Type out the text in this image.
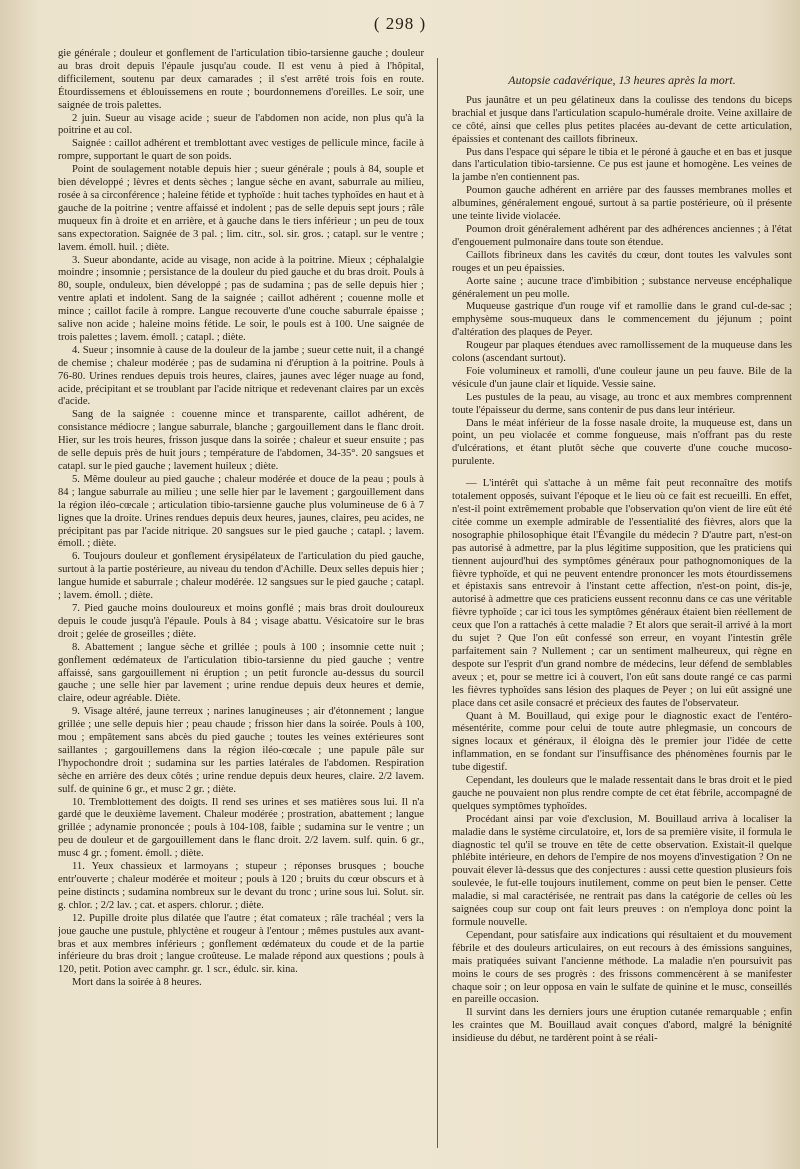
( 298 )

gie générale ; douleur et gonflement de l'articulation tibio-tarsienne gauche ; douleur au bras droit depuis l'épaule jusqu'au coude. Il est venu à pied à l'hôpital, difficilement, soutenu par deux camarades ; il s'est arrêté trois fois en route. Étourdissemens et éblouissemens en route ; bourdonnemens d'oreilles. Le soir, une saignée de trois palettes.

2 juin. Sueur au visage acide ; sueur de l'abdomen non acide, non plus qu'à la poitrine et au col.

Saignée : caillot adhérent et tremblottant avec vestiges de pellicule mince, facile à rompre, supportant le quart de son poids.

Point de soulagement notable depuis hier ; sueur générale ; pouls à 84, souple et bien développé ; lèvres et dents sèches ; langue sèche en avant, saburrale au milieu, rosée à sa circonférence ; haleine fétide et typhoïde : huit taches typhoïdes en haut et à gauche de la poitrine ; ventre affaissé et indolent ; pas de selle depuis sept jours ; râle muqueux fin à droite et en arrière, et à gauche dans le tiers inférieur ; un peu de toux sans expectoration. Saignée de 3 pal. ; lim. citr., sol. sir. gros. ; catapl. sur le ventre ; lavem. émoll. huil. ; diète.

3. Sueur abondante, acide au visage, non acide à la poitrine. Mieux ; céphalalgie moindre ; insomnie ; persistance de la douleur du pied gauche et du bras droit. Pouls à 80, souple, onduleux, bien développé ; pas de sudamina ; pas de selle depuis hier ; ventre aplati et indolent. Sang de la saignée ; caillot adhérent ; couenne molle et mince ; caillot facile à rompre. Langue recouverte d'une couche saburrale épaisse ; salive non acide ; haleine moins fétide. Le soir, le pouls est à 100. Une saignée de trois palettes ; lavem. émoll. ; catapl. ; diète.

4. Sueur ; insomnie à cause de la douleur de la jambe ; sueur cette nuit, il a changé de chemise ; chaleur modérée ; pas de sudamina ni d'éruption à la poitrine. Pouls à 76-80. Urines rendues depuis trois heures, claires, jaunes avec léger nuage au fond, acide, précipitant et se troublant par l'acide nitrique et redevenant claires par un excès d'acide.

Sang de la saignée : couenne mince et transparente, caillot adhérent, de consistance médiocre ; langue saburrale, blanche ; gargouillement dans le flanc droit. Hier, sur les trois heures, frisson jusque dans la soirée ; chaleur et sueur ensuite ; pas de selle depuis près de huit jours ; température de l'abdomen, 34-35°. 20 sangsues et catapl. sur le pied gauche ; lavement huileux ; diète.

5. Même douleur au pied gauche ; chaleur modérée et douce de la peau ; pouls à 84 ; langue saburrale au milieu ; une selle hier par le lavement ; gargouillement dans la région iléo-cœcale ; articulation tibio-tarsienne gauche plus volumineuse de 6 à 7 lignes que la droite. Urines rendues depuis deux heures, jaunes, claires, peu acides, ne précipitant pas par l'acide nitrique. 20 sangsues sur le pied gauche ; catapl. ; lavem. émoll. ; diète.

6. Toujours douleur et gonflement érysipélateux de l'articulation du pied gauche, surtout à la partie postérieure, au niveau du tendon d'Achille. Deux selles depuis hier ; langue humide et saburrale ; chaleur modérée. 12 sangsues sur le pied gauche ; catapl. ; lavem. émoll. ; diète.

7. Pied gauche moins douloureux et moins gonflé ; mais bras droit douloureux depuis le coude jusqu'à l'épaule. Pouls à 84 ; visage abattu. Vésicatoire sur le bras droit ; gelée de groseilles ; diète.

8. Abattement ; langue sèche et grillée ; pouls à 100 ; insomnie cette nuit ; gonflement œdémateux de l'articulation tibio-tarsienne du pied gauche ; ventre affaissé, sans gargouillement ni éruption ; un petit furoncle au-dessus du sourcil gauche ; une selle hier par lavement ; urine rendue depuis deux heures et demie, claire, odeur agréable. Diète.

9. Visage altéré, jaune terreux ; narines lanugineuses ; air d'étonnement ; langue grillée ; une selle depuis hier ; peau chaude ; frisson hier dans la soirée. Pouls à 100, mou ; empâtement sans abcès du pied gauche ; toutes les veines extérieures sont saillantes ; gargouillemens dans la région iléo-cœcale ; une papule pâle sur l'hypochondre droit ; sudamina sur les parties latérales de l'abdomen. Respiration sèche en arrière des deux côtés ; urine rendue depuis deux heures, claire. 2/2 lavem. sulf. de quinine 6 gr., et musc 2 gr. ; diète.

10. Tremblottement des doigts. Il rend ses urines et ses matières sous lui. Il n'a gardé que le deuxième lavement. Chaleur modérée ; prostration, abattement ; langue grillée ; adynamie prononcée ; pouls à 104-108, faible ; sudamina sur le ventre ; un peu de douleur et de gargouillement dans le flanc droit. 2/2 lavem. sulf. quin. 6 gr., musc 4 gr. ; foment. émoll. ; diète.

11. Yeux chassieux et larmoyans ; stupeur ; réponses brusques ; bouche entr'ouverte ; chaleur modérée et moiteur ; pouls à 120 ; bruits du cœur obscurs et à peine distincts ; sudamina nombreux sur le devant du tronc ; urine sous lui. Solut. sir. g. chlor. ; 2/2 lav. ; cat. et aspers. chlorur. ; diète.

12. Pupille droite plus dilatée que l'autre ; état comateux ; râle trachéal ; vers la joue gauche une pustule, phlyctène et rougeur à l'entour ; mêmes pustules aux avant-bras et aux membres inférieurs ; gonflement œdémateux du coude et de la partie inférieure du bras droit ; langue croûteuse. Le malade répond aux questions ; pouls à 120, petit. Potion avec camphr. gr. 1 scr., édulc. sir. kina.

Mort dans la soirée à 8 heures.

Autopsie cadavérique, 13 heures après la mort.

Pus jaunâtre et un peu gélatineux dans la coulisse des tendons du biceps brachial et jusque dans l'articulation scapulo-humérale droite. Veine axillaire de ce côté, ainsi que celles plus petites placées au-devant de cette articulation, épaissies et contenant des caillots fibrineux.

Pus dans l'espace qui sépare le tibia et le péroné à gauche et en bas et jusque dans l'articulation tibio-tarsienne. Ce pus est jaune et homogène. Les veines de la jambe n'en contiennent pas.

Poumon gauche adhérent en arrière par des fausses membranes molles et albumines, généralement engoué, surtout à sa partie postérieure, où il présente une teinte livide violacée.

Poumon droit généralement adhérent par des adhérences anciennes ; à l'état d'engouement pulmonaire dans toute son étendue.

Caillots fibrineux dans les cavités du cœur, dont toutes les valvules sont rouges et un peu épaissies.

Aorte saine ; aucune trace d'imbibition ; substance nerveuse encéphalique généralement un peu molle.

Muqueuse gastrique d'un rouge vif et ramollie dans le grand cul-de-sac ; emphysème sous-muqueux dans le commencement du jéjunum ; point d'altération des plaques de Peyer.

Rougeur par plaques étendues avec ramollissement de la muqueuse dans les colons (ascendant surtout).

Foie volumineux et ramolli, d'une couleur jaune un peu fauve. Bile de la vésicule d'un jaune clair et liquide. Vessie saine.

Les pustules de la peau, au visage, au tronc et aux membres comprennent toute l'épaisseur du derme, sans contenir de pus dans leur intérieur.

Dans le méat inférieur de la fosse nasale droite, la muqueuse est, dans un point, un peu violacée et comme fongueuse, mais n'offrant pas du reste d'ulcérations, et étant plutôt sèche que couverte d'une couche mucoso-purulente.

— L'intérêt qui s'attache à un même fait peut reconnaître des motifs totalement opposés, suivant l'époque et le lieu où ce fait est recueilli. En effet, n'est-il point extrêmement probable que l'observation qu'on vient de lire eût été citée comme un exemple admirable de l'essentialité des fièvres, alors que la nosographie philosophique était l'Évangile du médecin ? D'autre part, n'est-on pas autorisé à admettre, par la plus légitime supposition, que les praticiens qui tiennent aujourd'hui des symptômes généraux pour pathognomoniques de la fièvre typhoïde, et qui ne peuvent entendre prononcer les mots étourdissemens et épistaxis sans entrevoir à l'instant cette affection, n'est-on point, dis-je, autorisé à admettre que ces praticiens eussent reconnu dans ce cas une véritable fièvre typhoïde ; car ici tous les symptômes généraux étaient bien réellement de ceux que l'on a rattachés à cette maladie ? Et alors que serait-il arrivé à la mort du sujet ? Que l'on eût confessé son erreur, en voyant l'intestin grêle parfaitement sain ? Nullement ; car un sentiment malheureux, qui règne en despote sur l'esprit d'un grand nombre de médecins, leur défend de semblables aveux ; et, pour se mettre ici à couvert, l'on eût sans doute rangé ce cas parmi les fièvres typhoïdes sans lésion des plaques de Peyer ; on lui eût assigné une place dans cet asile consacré et précieux des fautes de l'observateur.

Quant à M. Bouillaud, qui exige pour le diagnostic exact de l'entéro-mésentérite, comme pour celui de toute autre phlegmasie, un concours de signes locaux et généraux, il éloigna dès le premier jour l'idée de cette inflammation, en se fondant sur l'insuffisance des phénomènes fournis par le tube digestif.

Cependant, les douleurs que le malade ressentait dans le bras droit et le pied gauche ne pouvaient non plus rendre compte de cet état fébrile, accompagné de quelques symptômes typhoïdes.

Procédant ainsi par voie d'exclusion, M. Bouillaud arriva à localiser la maladie dans le système circulatoire, et, lors de sa première visite, il formula le diagnostic tel qu'il se trouve en tête de cette observation. Existait-il quelque phlébite intérieure, en dehors de l'empire de nos moyens d'investigation ? On ne pouvait élever là-dessus que des conjectures : aussi cette question plusieurs fois soulevée, le fut-elle toujours inutilement, comme on peut bien le penser. Cette maladie, si mal caractérisée, ne rentrait pas dans la catégorie de celles où les saignées coup sur coup ont fait leurs preuves : on n'employa donc point la formule nouvelle.

Cependant, pour satisfaire aux indications qui résultaient et du mouvement fébrile et des douleurs articulaires, on eut recours à des émissions sanguines, mais pratiquées suivant l'ancienne méthode. La maladie n'en poursuivit pas moins le cours de ses progrès : des frissons commencèrent à se manifester chaque soir ; on leur opposa en vain le sulfate de quinine et le musc, conseillés en pareille occasion.

Il survint dans les derniers jours une éruption cutanée remarquable ; enfin les craintes que M. Bouillaud avait conçues d'abord, malgré la bénignité insidieuse du début, ne tardèrent point à se réali-
